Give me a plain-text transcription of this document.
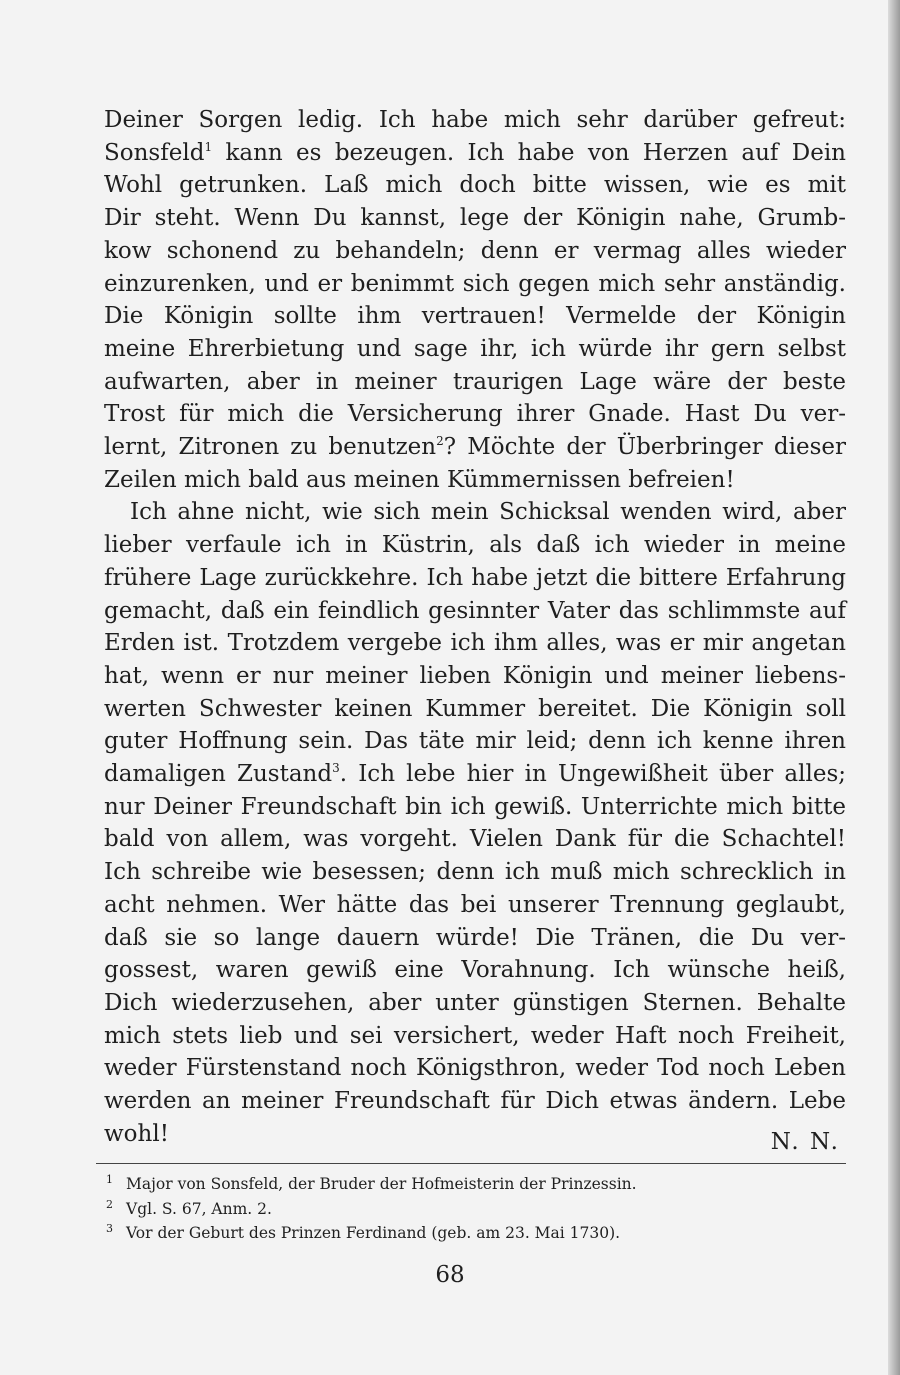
Deiner Sorgen ledig. Ich habe mich sehr darüber gefreut:
Sonsfeld$^1$ kann es bezeugen. Ich habe von Herzen auf Dein
Wohl getrunken. Laß mich doch bitte wissen, wie es mit
Dir steht. Wenn Du kannst, lege der Königin nahe, Grumb-
kow schonend zu behandeln; denn er vermag alles wieder
einzurenken, und er benimmt sich gegen mich sehr anständig.
Die Königin sollte ihm vertrauen! Vermelde der Königin
meine Ehrerbietung und sage ihr, ich würde ihr gern selbst
aufwarten, aber in meiner traurigen Lage wäre der beste
Trost für mich die Versicherung ihrer Gnade. Hast Du ver-
lernt, Zitronen zu benutzen$^2$? Möchte der Überbringer dieser
Zeilen mich bald aus meinen Kümmernissen befreien!
Ich ahne nicht, wie sich mein Schicksal wenden wird, aber
lieber verfaule ich in Küstrin, als daß ich wieder in meine
frühere Lage zurückkehre. Ich habe jetzt die bittere Erfahrung
gemacht, daß ein feindlich gesinnter Vater das schlimmste auf
Erden ist. Trotzdem vergebe ich ihm alles, was er mir angetan
hat, wenn er nur meiner lieben Königin und meiner liebens-
werten Schwester keinen Kummer bereitet. Die Königin soll
guter Hoffnung sein. Das täte mir leid; denn ich kenne ihren
damaligen Zustand$^3$. Ich lebe hier in Ungewißheit über alles;
nur Deiner Freundschaft bin ich gewiß. Unterrichte mich bitte
bald von allem, was vorgeht. Vielen Dank für die Schachtel!
Ich schreibe wie besessen; denn ich muß mich schrecklich in
acht nehmen. Wer hätte das bei unserer Trennung geglaubt,
daß sie so lange dauern würde! Die Tränen, die Du ver-
gossest, waren gewiß eine Vorahnung. Ich wünsche heiß,
Dich wiederzusehen, aber unter günstigen Sternen. Behalte
mich stets lieb und sei versichert, weder Haft noch Freiheit,
weder Fürstenstand noch Königsthron, weder Tod noch Leben
werden an meiner Freundschaft für Dich etwas ändern. Lebe
wohl!	N. N.
1 Major von Sonsfeld, der Bruder der Hofmeisterin der Prinzessin.
2 Vgl. S. 67, Anm. 2.
3 Vor der Geburt des Prinzen Ferdinand (geb. am 23. Mai 1730).
68
